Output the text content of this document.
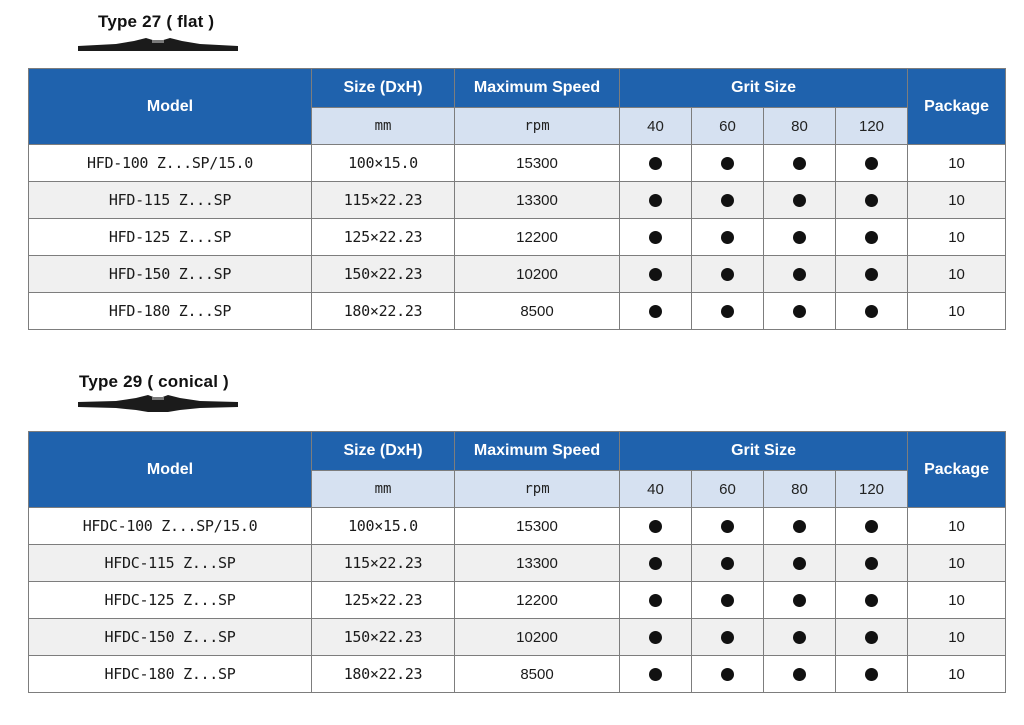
Type 27 ( flat )
Model	Size (DxH)	Maximum Speed	Grit Size				Package
	mm	rpm	40	60	80	120	
HFD-100 Z...SP/15.0	100×15.0	15300					10
HFD-115 Z...SP	115×22.23	13300					10
HFD-125 Z...SP	125×22.23	12200					10
HFD-150 Z...SP	150×22.23	10200					10
HFD-180 Z...SP	180×22.23	8500					10
Type 29 ( conical )
Model	Size (DxH)	Maximum Speed	Grit Size				Package
	mm	rpm	40	60	80	120	
HFDC-100 Z...SP/15.0	100×15.0	15300					10
HFDC-115 Z...SP	115×22.23	13300					10
HFDC-125 Z...SP	125×22.23	12200					10
HFDC-150 Z...SP	150×22.23	10200					10
HFDC-180 Z...SP	180×22.23	8500					10
